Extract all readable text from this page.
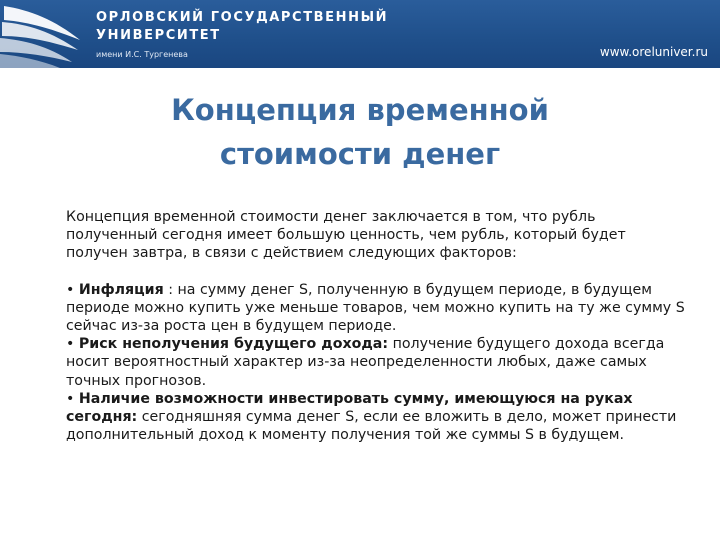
ОРЛОВСКИЙ ГОСУДАРСТВЕННЫЙ
УНИВЕРСИТЕТ
имени И.С. Тургенева	www.oreluniver.ru
Концепция временной
стоимости денег

Концепция временной стоимости денег заключается в том, что рубль полученный сегодня имеет большую ценность, чем рубль, который будет получен завтра, в связи с действием следующих факторов:

• Инфляция : на сумму денег S, полученную в будущем периоде, в будущем периоде можно купить уже меньше товаров, чем можно купить на ту же сумму S сейчас из-за роста цен в будущем периоде.

• Риск неполучения будущего дохода: получение будущего дохода всегда носит вероятностный характер из-за неопределенности любых, даже самых точных прогнозов.

• Наличие возможности инвестировать сумму, имеющуюся на руках сегодня: сегодняшняя сумма денег S, если ее вложить в дело, может принести дополнительный доход к моменту получения той же суммы S в будущем.
